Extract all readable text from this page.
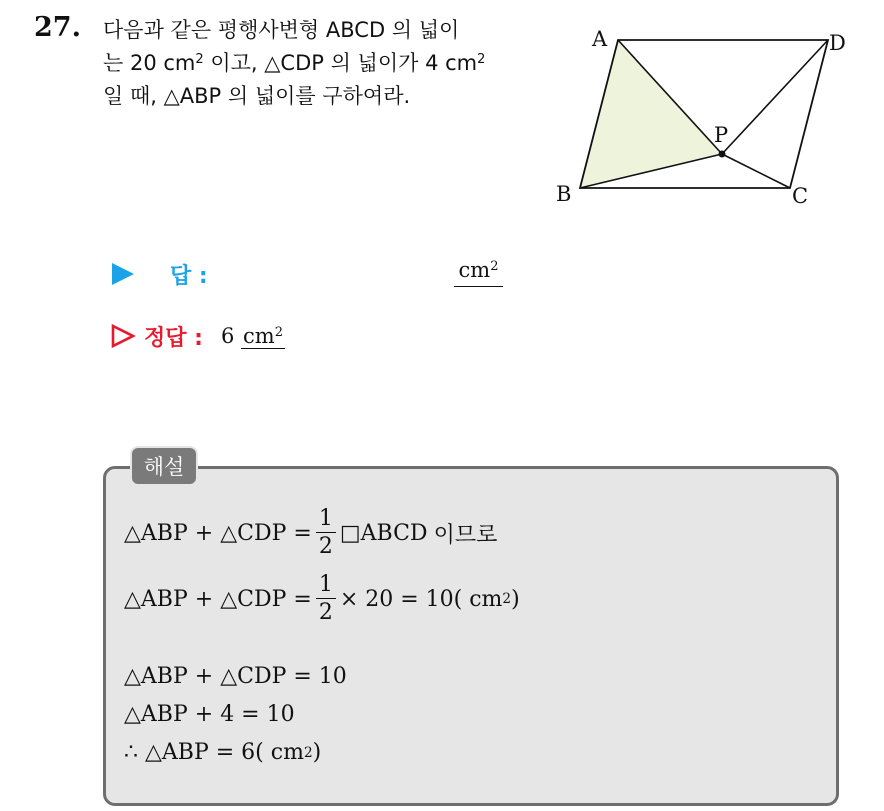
27. 다음과 같은 평행사변형 ABCD 의 넓이
는 20 $cm^2$ 이고, △CDP 의 넓이가 4 $cm^2$
일 때, △ABP 의 넓이를 구하여라.
A	D
P
B	C
답 :	$cm^2$
정답 : 6 $cm^2$
해설
△ABP + △CDP = $\frac{1}{2}$ □ABCD 이므로
△ABP + △CDP = $\frac{1}{2} \times 20 = 10$( cm 2 )
△ABP + △CDP = 10
△ABP + 4 = 10
∴ △ABP = 6( cm 2 )
